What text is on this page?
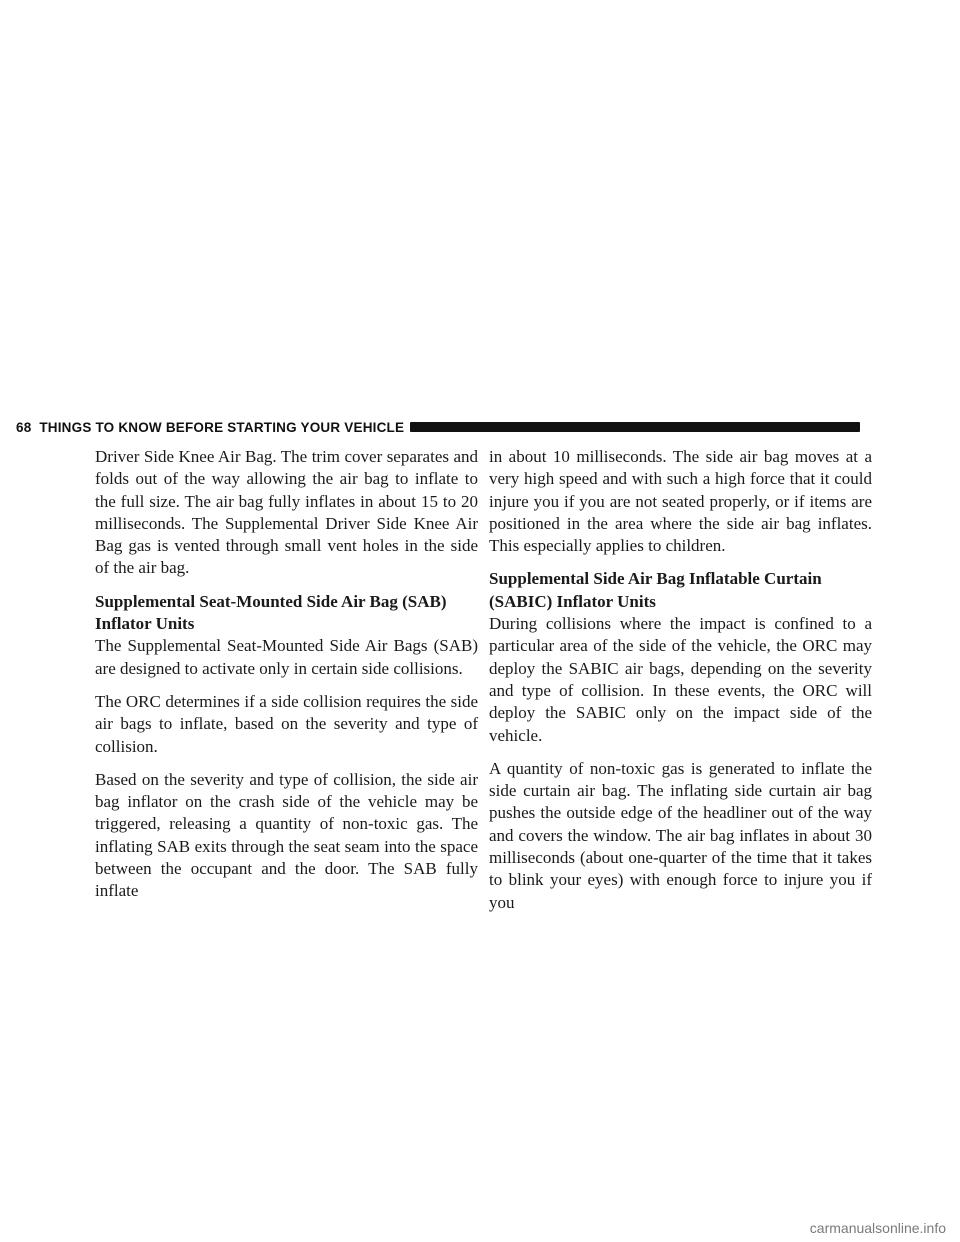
68 THINGS TO KNOW BEFORE STARTING YOUR VEHICLE

Driver Side Knee Air Bag. The trim cover separates and folds out of the way allowing the air bag to inflate to the full size. The air bag fully inflates in about 15 to 20 milliseconds. The Supplemental Driver Side Knee Air Bag gas is vented through small vent holes in the side of the air bag.

Supplemental Seat-Mounted Side Air Bag (SAB) Inflator Units

The Supplemental Seat-Mounted Side Air Bags (SAB) are designed to activate only in certain side collisions.

The ORC determines if a side collision requires the side air bags to inflate, based on the severity and type of collision.

Based on the severity and type of collision, the side air bag inflator on the crash side of the vehicle may be triggered, releasing a quantity of non-toxic gas. The inflating SAB exits through the seat seam into the space between the occupant and the door. The SAB fully inflate

in about 10 milliseconds. The side air bag moves at a very high speed and with such a high force that it could injure you if you are not seated properly, or if items are positioned in the area where the side air bag inflates. This especially applies to children.

Supplemental Side Air Bag Inflatable Curtain (SABIC) Inflator Units

During collisions where the impact is confined to a particular area of the side of the vehicle, the ORC may deploy the SABIC air bags, depending on the severity and type of collision. In these events, the ORC will deploy the SABIC only on the impact side of the vehicle.

A quantity of non-toxic gas is generated to inflate the side curtain air bag. The inflating side curtain air bag pushes the outside edge of the headliner out of the way and covers the window. The air bag inflates in about 30 milliseconds (about one-quarter of the time that it takes to blink your eyes) with enough force to injure you if you

carmanualsonline.info
